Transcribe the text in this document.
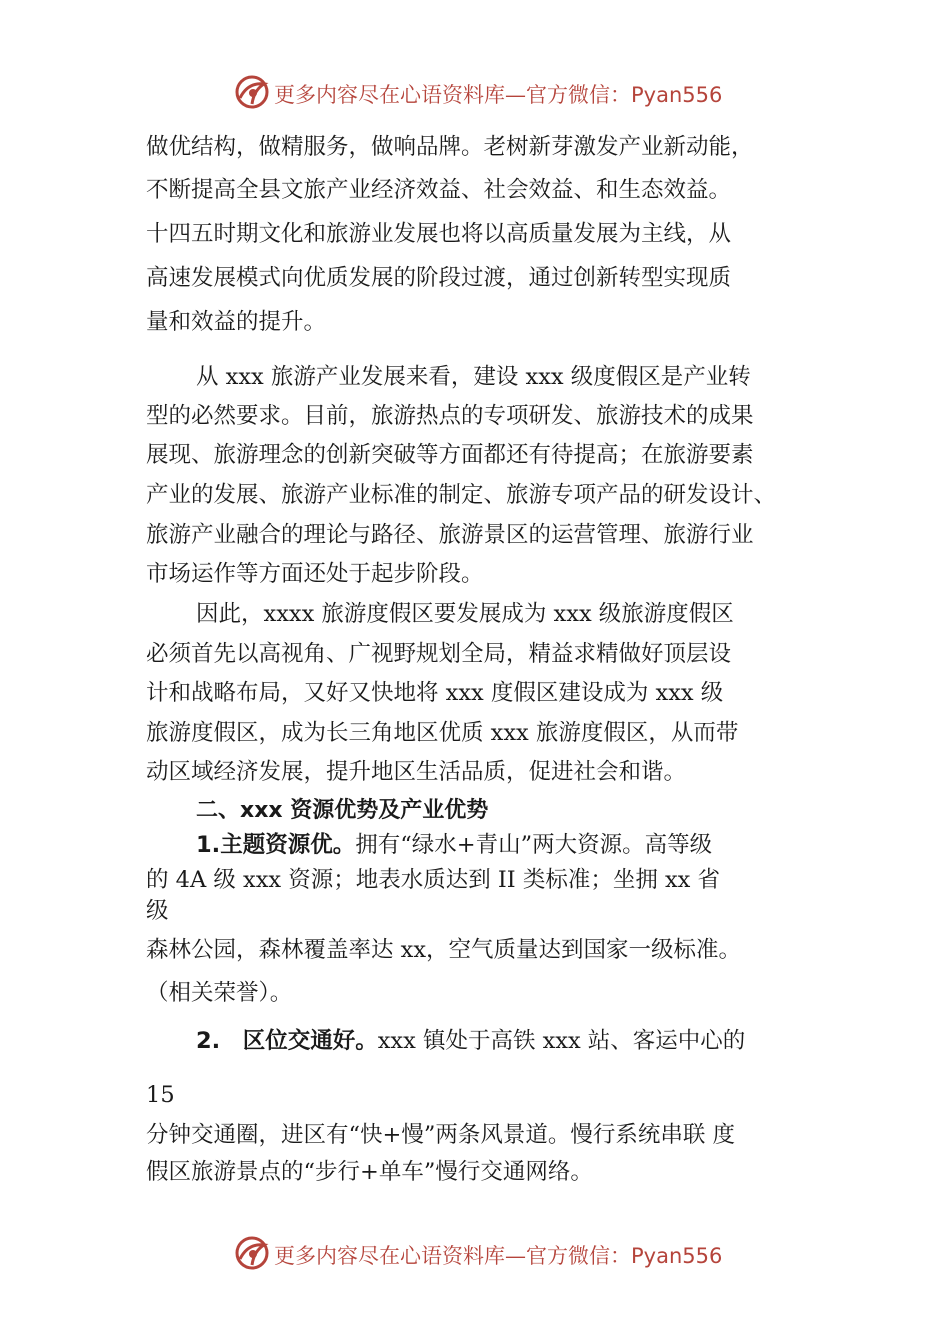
更多内容尽在心语资料库—官方微信：Pyan556
做优结构，做精服务，做响品牌。老树新芽激发产业新动能，
不断提高全县文旅产业经济效益、社会效益、和生态效益。
十四五时期文化和旅游业发展也将以高质量发展为主线，从
高速发展模式向优质发展的阶段过渡，通过创新转型实现质
量和效益的提升。
从 xxx 旅游产业发展来看，建设 xxx 级度假区是产业转
型的必然要求。目前，旅游热点的专项研发、旅游技术的成果
展现、旅游理念的创新突破等方面都还有待提高；在旅游要素
产业的发展、旅游产业标准的制定、旅游专项产品的研发设计、
旅游产业融合的理论与路径、旅游景区的运营管理、旅游行业
市场运作等方面还处于起步阶段。
因此，xxxx 旅游度假区要发展成为 xxx 级旅游度假区
必须首先以高视角、广视野规划全局，精益求精做好顶层设
计和战略布局，又好又快地将 xxx 度假区建设成为 xxx 级
旅游度假区，成为长三角地区优质 xxx 旅游度假区，从而带
动区域经济发展，提升地区生活品质，促进社会和谐。
二、xxx 资源优势及产业优势
1.主题资源优。拥有“绿水+青山”两大资源。高等级
的 4A 级 xxx 资源；地表水质达到 II 类标准；坐拥 xx 省
级
森林公园，森林覆盖率达 xx，空气质量达到国家一级标准。
（相关荣誉）。
2.　区位交通好。xxx 镇处于高铁 xxx 站、客运中心的
15
分钟交通圈，进区有“快+慢”两条风景道。慢行系统串联 度
假区旅游景点的“步行+单车”慢行交通网络。
更多内容尽在心语资料库—官方微信：Pyan556
